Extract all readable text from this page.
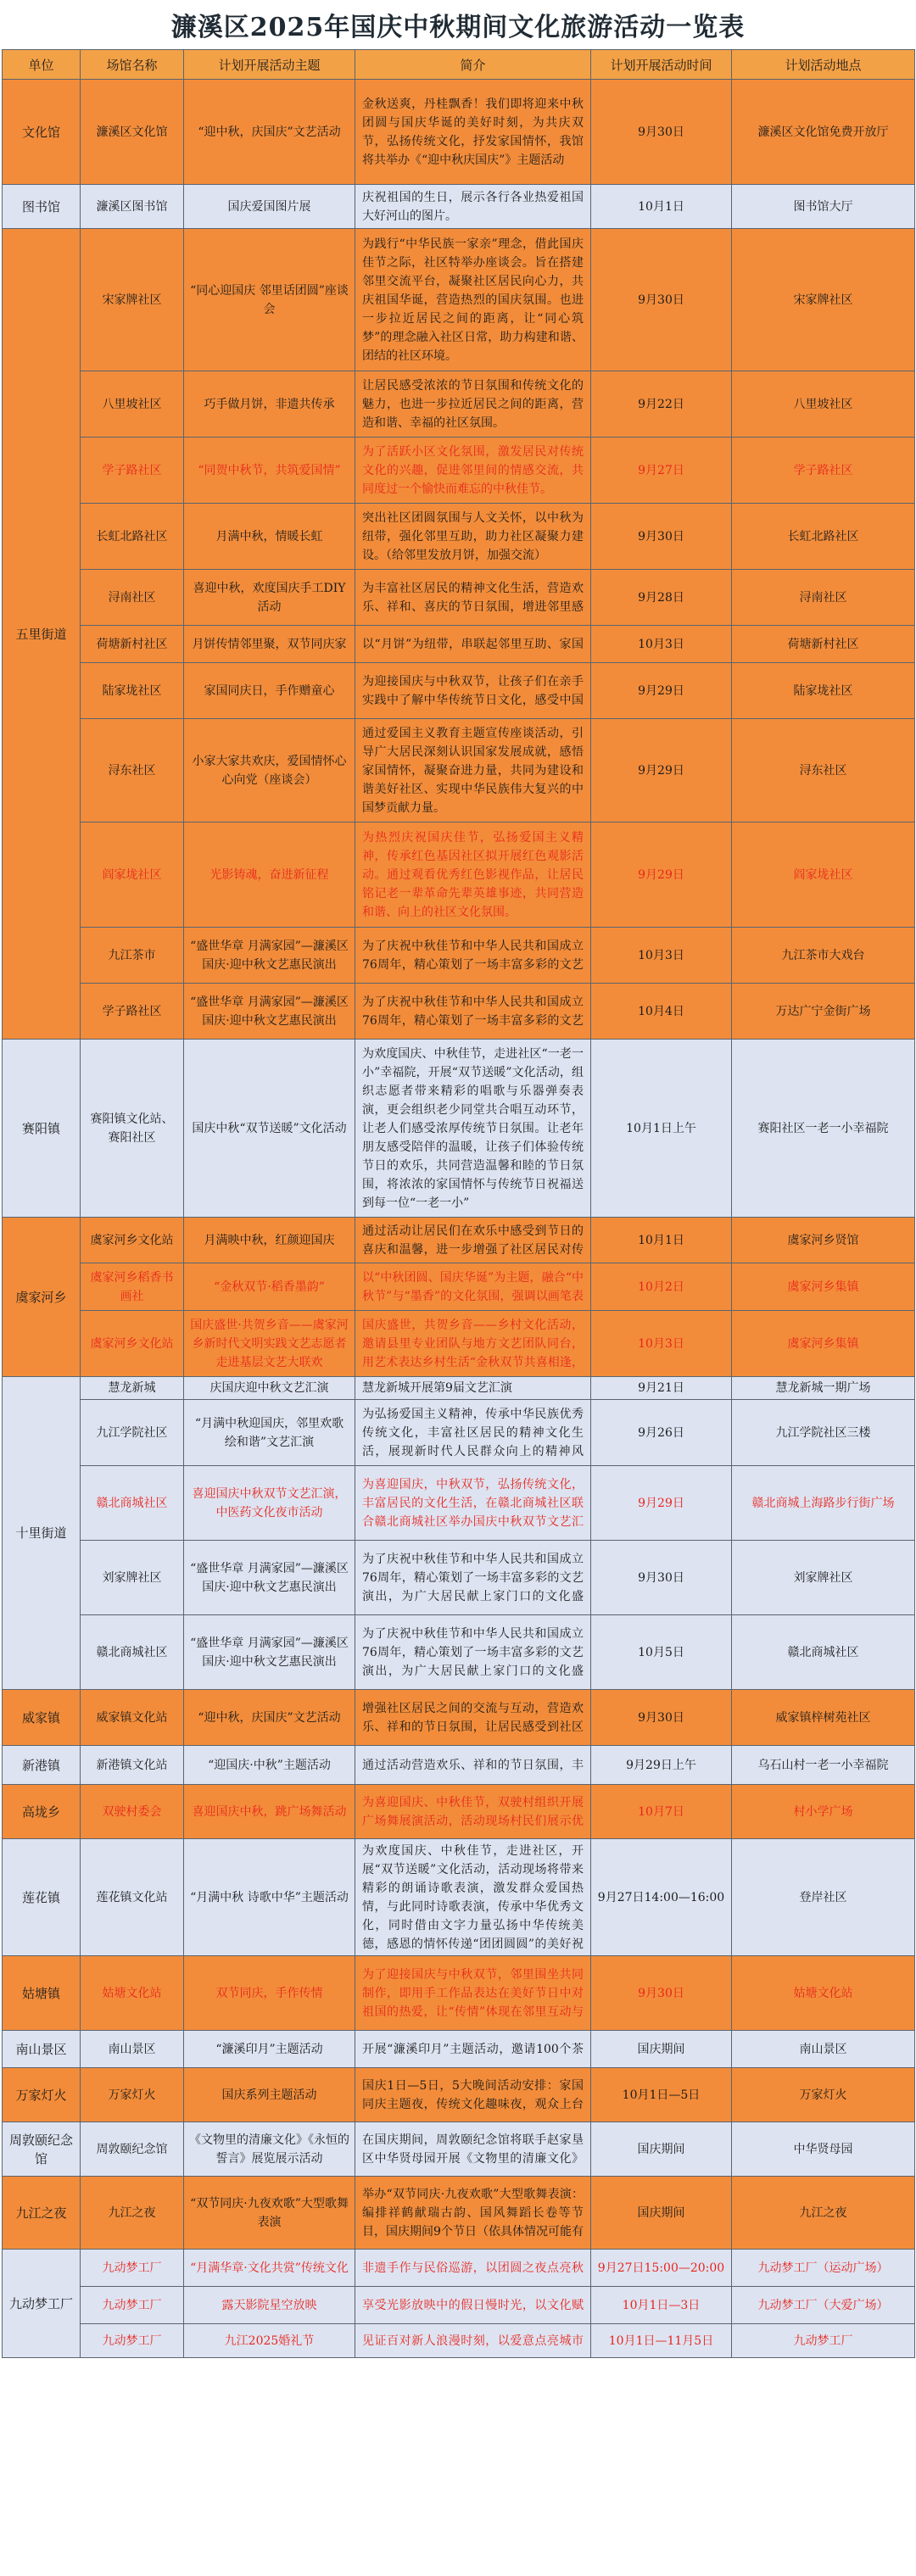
濂溪区2025年国庆中秋期间文化旅游活动一览表
单位	场馆名称	计划开展活动主题	简介	计划开展活动时间	计划活动地点
文化馆	濂溪区文化馆	“迎中秋，庆国庆”文艺活动	金秋送爽，丹桂飘香！我们即将迎来中秋团圆与国庆华诞的美好时刻，为共庆双节，弘扬传统文化，抒发家国情怀，我馆将共举办《“迎中秋庆国庆”》主题活动	9月30日	濂溪区文化馆免费开放厅

图书馆	濂溪区图书馆	国庆爱国图片展	庆祝祖国的生日，展示各行各业热爱祖国大好河山的图片。	10月1日	图书馆大厅

五里街道	宋家牌社区	“同心迎国庆 邻里话团圆”座谈会	为践行“中华民族一家亲”理念，借此国庆佳节之际，社区特举办座谈会。旨在搭建邻里交流平台，凝聚社区居民向心力，共庆祖国华诞，营造热烈的国庆氛围。也进一步拉近居民之间的距离，让“同心筑梦”的理念融入社区日常，助力构建和谐、团结的社区环境。	9月30日	宋家牌社区

	八里坡社区	巧手做月饼，非遗共传承	让居民感受浓浓的节日氛围和传统文化的魅力，也进一步拉近居民之间的距离，营造和谐、幸福的社区氛围。	9月22日	八里坡社区

	学子路社区	“同贺中秋节，共筑爱国情”	为了活跃小区文化氛围，激发居民对传统文化的兴趣，促进邻里间的情感交流，共同度过一个愉快而难忘的中秋佳节。	9月27日	学子路社区

	长虹北路社区	月满中秋，情暖长虹	突出社区团圆氛围与人文关怀，以中秋为纽带，强化邻里互助，助力社区凝聚力建设。（给邻里发放月饼，加强交流）	9月30日	长虹北路社区

	浔南社区	喜迎中秋，欢度国庆手工DIY活动	为丰富社区居民的精神文化生活，营造欢乐、祥和、喜庆的节日氛围，增进邻里感	9月28日	浔南社区

	荷塘新村社区	月饼传情邻里聚，双节同庆家	以“月饼”为纽带，串联起邻里互助、家国	10月3日	荷塘新村社区

	陆家垅社区	家国同庆日，手作赠童心	为迎接国庆与中秋双节，让孩子们在亲手实践中了解中华传统节日文化，感受中国	9月29日	陆家垅社区

	浔东社区	小家大家共欢庆，爱国情怀心心向党（座谈会）	通过爱国主义教育主题宣传座谈活动，引导广大居民深刻认识国家发展成就，感悟家国情怀，凝聚奋进力量，共同为建设和谐美好社区、实现中华民族伟大复兴的中国梦贡献力量。	9月29日	浔东社区

	阎家垅社区	光影铸魂，奋进新征程	为热烈庆祝国庆佳节，弘扬爱国主义精神，传承红色基因社区拟开展红色观影活动。通过观看优秀红色影视作品，让居民铭记老一辈革命先辈英雄事迹，共同营造和谐、向上的社区文化氛围。	9月29日	阎家垅社区

	九江茶市	“盛世华章 月满家园”—濂溪区国庆·迎中秋文艺惠民演出	为了庆祝中秋佳节和中华人民共和国成立76周年，精心策划了一场丰富多彩的文艺	10月3日	九江茶市大戏台

	学子路社区	“盛世华章 月满家园”—濂溪区国庆·迎中秋文艺惠民演出	为了庆祝中秋佳节和中华人民共和国成立76周年，精心策划了一场丰富多彩的文艺	10月4日	万达广宁金街广场

赛阳镇	赛阳镇文化站、赛阳社区	国庆中秋“双节送暖”文化活动	为欢度国庆、中秋佳节，走进社区“一老一小”幸福院，开展“双节送暖”文化活动，组织志愿者带来精彩的唱歌与乐器弹奏表演，更会组织老少同堂共合唱互动环节，让老人们感受浓厚传统节日氛围。让老年朋友感受陪伴的温暖，让孩子们体验传统节日的欢乐，共同营造温馨和睦的节日氛围，将浓浓的家国情怀与传统节日祝福送到每一位“一老一小”	10月1日上午	赛阳社区一老一小幸福院

虞家河乡	虞家河乡文化站	月满映中秋，红颜迎国庆	通过活动让居民们在欢乐中感受到节日的喜庆和温馨，进一步增强了社区居民对传	10月1日	虞家河乡贤馆

	虞家河乡稻香书画社	“金秋双节·稻香墨韵”	以“中秋团圆、国庆华诞”为主题，融合“中秋节”与“墨香”的文化氛围，强调以画笔表	10月2日	虞家河乡集镇

	虞家河乡文化站	国庆盛世·共贺乡音——虞家河乡新时代文明实践文艺志愿者走进基层文艺大联欢	国庆盛世，共贺乡音——乡村文化活动，邀请县里专业团队与地方文艺团队同台，用艺术表达乡村生活“金秋双节共喜相逢，	10月3日	虞家河乡集镇

十里街道	慧龙新城	庆国庆迎中秋文艺汇演	慧龙新城开展第9届文艺汇演	9月21日	慧龙新城一期广场

	九江学院社区	“月满中秋迎国庆，邻里欢歌绘和谐”文艺汇演	为弘扬爱国主义精神，传承中华民族优秀传统文化，丰富社区居民的精神文化生活，展现新时代人民群众向上的精神风	9月26日	九江学院社区三楼

	赣北商城社区	喜迎国庆中秋双节文艺汇演，中医药文化夜市活动	为喜迎国庆，中秋双节，弘扬传统文化，丰富居民的文化生活，在赣北商城社区联合赣北商城社区举办国庆中秋双节文艺汇	9月29日	赣北商城上海路步行街广场

	刘家牌社区	“盛世华章 月满家园”—濂溪区国庆·迎中秋文艺惠民演出	为了庆祝中秋佳节和中华人民共和国成立76周年，精心策划了一场丰富多彩的文艺演出，为广大居民献上家门口的文化盛	9月30日	刘家牌社区

	赣北商城社区	“盛世华章 月满家园”—濂溪区国庆·迎中秋文艺惠民演出	为了庆祝中秋佳节和中华人民共和国成立76周年，精心策划了一场丰富多彩的文艺演出，为广大居民献上家门口的文化盛	10月5日	赣北商城社区

威家镇	威家镇文化站	“迎中秋，庆国庆”文艺活动	增强社区居民之间的交流与互动，营造欢乐、祥和的节日氛围，让居民感受到社区	9月30日	威家镇梓树苑社区

新港镇	新港镇文化站	“迎国庆·中秋”主题活动	通过活动营造欢乐、祥和的节日氛围，丰	9月29日上午	乌石山村一老一小幸福院

高垅乡	双驶村委会	喜迎国庆中秋，跳广场舞活动	为喜迎国庆、中秋佳节，双驶村组织开展广场舞展演活动，活动现场村民们展示优	10月7日	村小学广场

莲花镇	莲花镇文化站	“月满中秋 诗歌中华”主题活动	为欢度国庆、中秋佳节，走进社区，开展“双节送暖”文化活动，活动现场将带来精彩的朗诵诗歌表演，激发群众爱国热情，与此同时诗歌表演，传承中华优秀文化，同时借由文字力量弘扬中华传统美德，感恩的情怀传递“团团圆圆”的美好祝	9月27日14:00—16:00	登岸社区

姑塘镇	姑塘文化站	双节同庆，手作传情	为了迎接国庆与中秋双节，邻里围坐共同制作，即用手工作品表达在美好节日中对祖国的热爱，让“传情”体现在邻里互动与	9月30日	姑塘文化站

南山景区	南山景区	“濂溪印月”主题活动	开展“濂溪印月”主题活动，邀请100个茶	国庆期间	南山景区

万家灯火	万家灯火	国庆系列主题活动	国庆1日—5日，5大晚间活动安排：家国同庆主题夜，传统文化趣味夜，观众上台	10月1日—5日	万家灯火

周敦颐纪念馆	周敦颐纪念馆	《文物里的清廉文化》《永恒的誓言》展览展示活动	在国庆期间，周敦颐纪念馆将联手赵家垦区中华贤母园开展《文物里的清廉文化》	国庆期间	中华贤母园

九江之夜	九江之夜	“双节同庆·九夜欢歌”大型歌舞表演	举办“双节同庆·九夜欢歌”大型歌舞表演：编排祥鹤献瑞古韵、国风舞蹈长卷等节目，国庆期间9个节日（依具体情况可能有	国庆期间	九江之夜

九动梦工厂	九动梦工厂	“月满华章·文化共赏”传统文化	非遗手作与民俗巡游，以团圆之夜点亮秋	9月27日15:00—20:00	九动梦工厂（运动广场）

	九动梦工厂	露天影院星空放映	享受光影放映中的假日慢时光，以文化赋	10月1日—3日	九动梦工厂（大爱广场）

	九动梦工厂	九江2025婚礼节	见证百对新人浪漫时刻，以爱意点亮城市	10月1日—11月5日	九动梦工厂
